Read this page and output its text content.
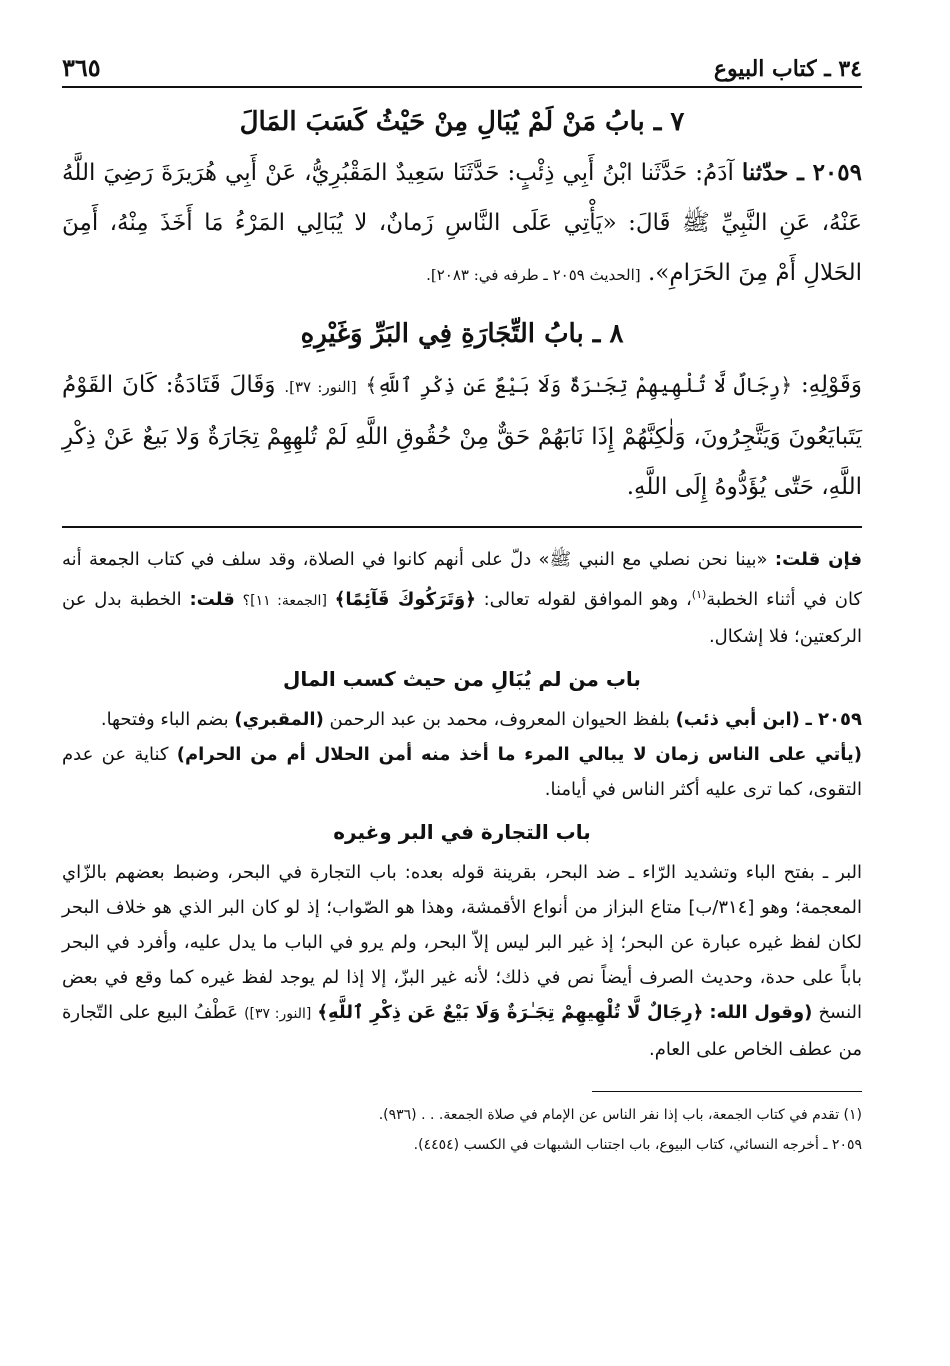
٣٤ ـ كتاب البيوع
٣٦٥
٧ ـ بابُ مَنْ لَمْ يُبَالِ مِنْ حَيْثُ كَسَبَ المَالَ

٢٠٥٩ ـ حدّثنا آدَمُ: حَدَّثَنا ابْنُ أَبِي ذِئْبٍ: حَدَّثَنَا سَعِيدٌ المَقْبُرِيُّ، عَنْ أَبِي هُرَيرَةَ رَضِيَ اللَّهُ عَنْهُ، عَنِ النَّبِيِّ ﷺ قَالَ: «يَأْتِي عَلَى النَّاسِ زَمانٌ، لا يُبَالِي المَرْءُ مَا أَخَذَ مِنْهُ، أَمِنَ الحَلالِ أَمْ مِنَ الحَرَامِ». [الحديث ٢٠٥٩ ـ طرفه في: ٢٠٨٣].

٨ ـ بابُ التِّجَارَةِ فِي البَرِّ وَغَيْرِهِ

وَقَوْلِهِ: ﴿رِجَالٌ لَّا تُلْهِيهِمْ تِجَـٰرَةٌ وَلَا بَيْعٌ عَن ذِكْرِ ٱللَّهِ﴾ [النور: ٣٧]. وَقَالَ قَتَادَةُ: كَانَ القَوْمُ يَتَبايَعُونَ وَيَتَّجِرُونَ، وَلٰكِنَّهُمْ إِذَا نَابَهُمْ حَقٌّ مِنْ حُقُوقِ اللَّهِ لَمْ تُلهِهِمْ تِجَارَةٌ وَلا بَيعٌ عَنْ ذِكْرِ اللَّهِ، حَتّٰى يُؤَدُّوهُ إِلَى اللَّهِ.

فإن قلت: «بينا نحن نصلي مع النبي ﷺ» دلّ على أنهم كانوا في الصلاة، وقد سلف في كتاب الجمعة أنه كان في أثناء الخطبة$^{(١)}$، وهو الموافق لقوله تعالى: ﴿وَتَرَكُوكَ قَآئِمًا﴾ [الجمعة: ١١]؟ قلت: الخطبة بدل عن الركعتين؛ فلا إشكال.

باب من لم يُبَالِ من حيث كسب المال

٢٠٥٩ ـ (ابن أبي ذئب) بلفظ الحيوان المعروف، محمد بن عبد الرحمن (المقبري) بضم الباء وفتحها.

(يأتي على الناس زمان لا يبالي المرء ما أخذ منه أمن الحلال أم من الحرام) كناية عن عدم التقوى، كما ترى عليه أكثر الناس في أيامنا.

باب التجارة في البر وغيره

البر ـ بفتح الباء وتشديد الرّاء ـ ضد البحر، بقرينة قوله بعده: باب التجارة في البحر، وضبط بعضهم بالزّاي المعجمة؛ وهو [٣١٤/ب] متاع البزاز من أنواع الأقمشة، وهذا هو الصّواب؛ إذ لو كان البر الذي هو خلاف البحر لكان لفظ غيره عبارة عن البحر؛ إذ غير البر ليس إلاّ البحر، ولم يرو في الباب ما يدل عليه، وأفرد في البحر باباً على حدة، وحديث الصرف أيضاً نص في ذلك؛ لأنه غير البزّ، إلا إذا لم يوجد لفظ غيره كما وقع في بعض النسخ (وقول الله: ﴿رِجَالٌ لَّا تُلْهِيهِمْ تِجَـٰرَةٌ وَلَا بَيْعٌ عَن ذِكْرِ ٱللَّهِ﴾ [النور: ٣٧]) عَطْفُ البيع على التّجارة من عطف الخاص على العام.

(١) تقدم في كتاب الجمعة، باب إذا نفر الناس عن الإمام في صلاة الجمعة. . . (٩٣٦).

٢٠٥٩ ـ أخرجه النسائي، كتاب البيوع، باب اجتناب الشبهات في الكسب (٤٤٥٤).
